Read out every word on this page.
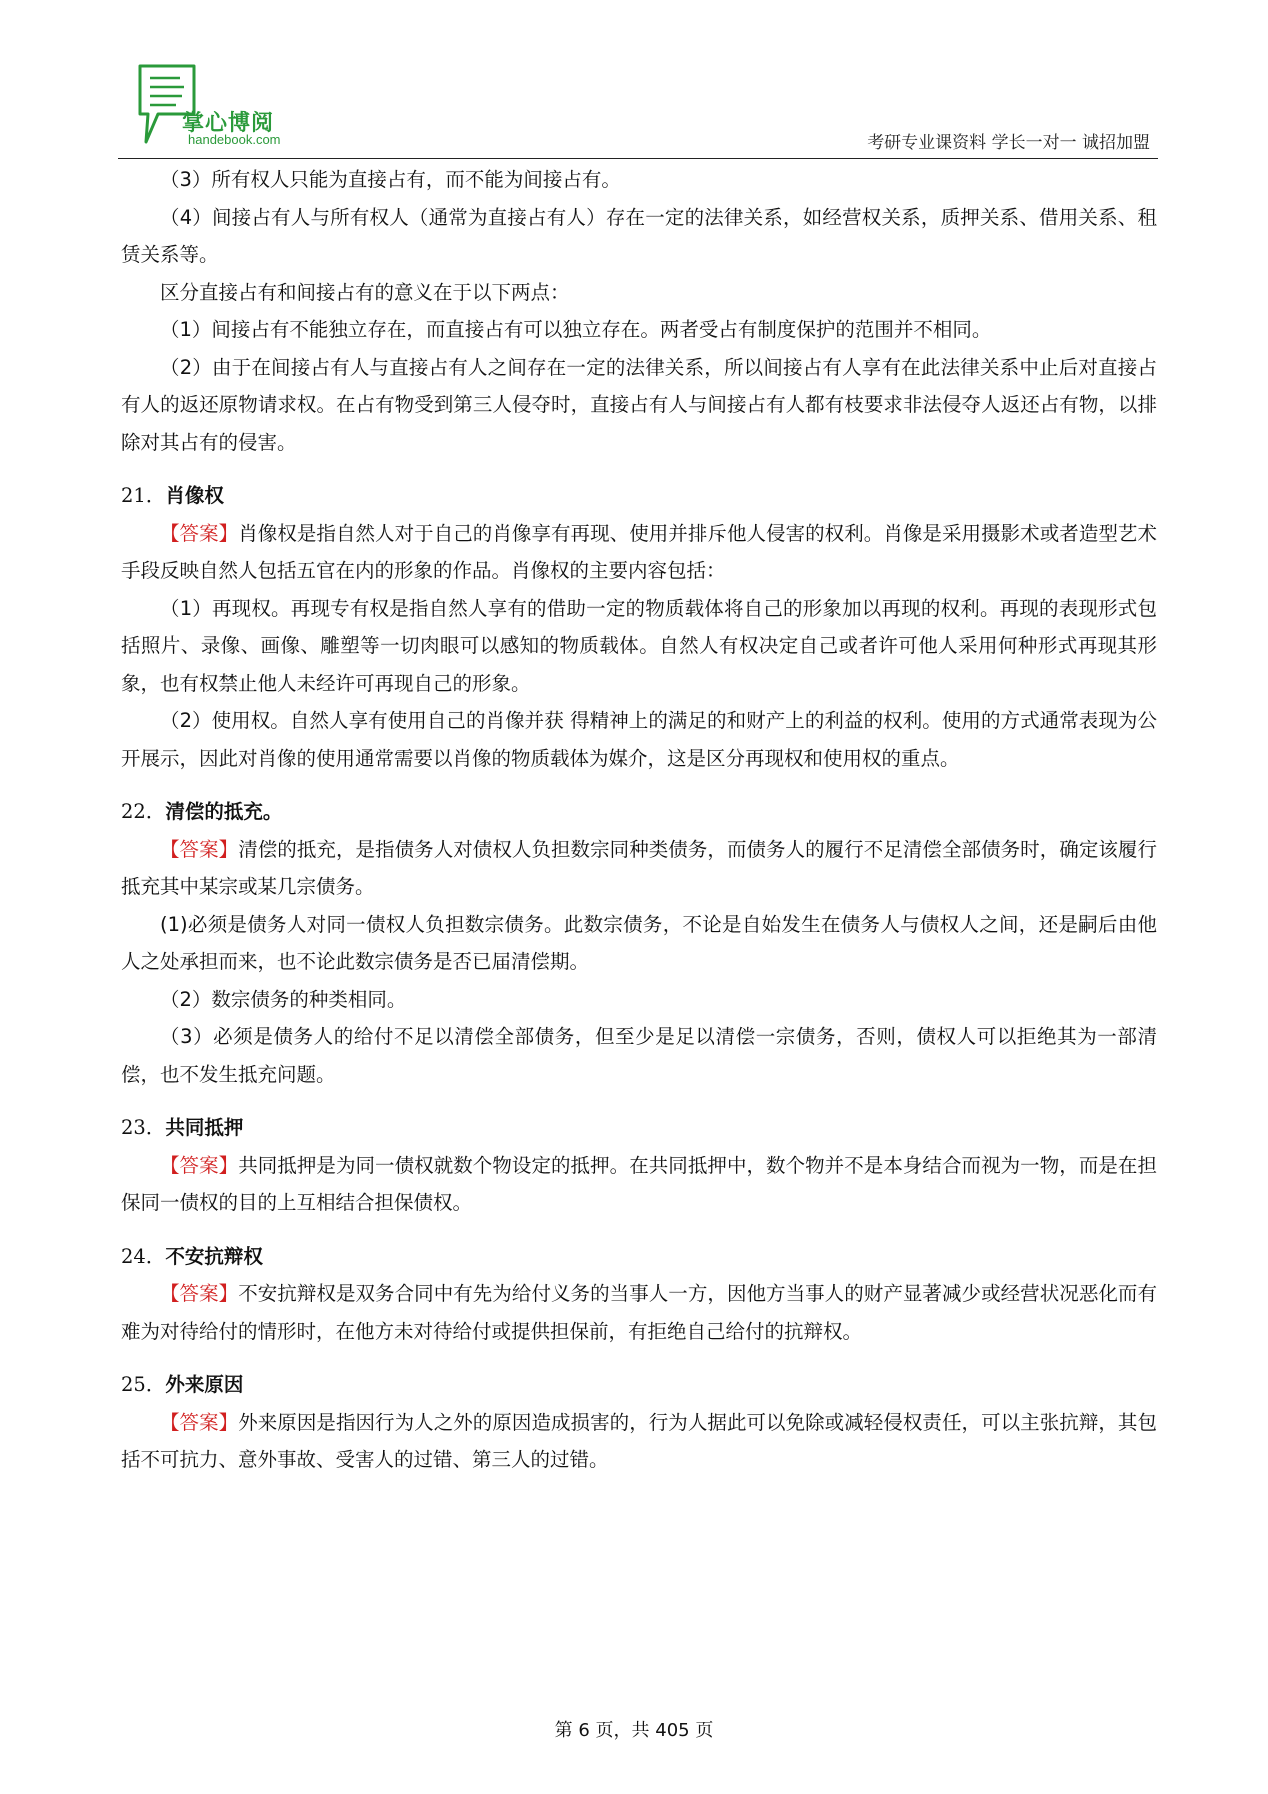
掌心博阅
handebook.com	考研专业课资料 学长一对一 诚招加盟

（3）所有权人只能为直接占有，而不能为间接占有。

（4）间接占有人与所有权人（通常为直接占有人）存在一定的法律关系，如经营权关系，质押关系、借用关系、租赁关系等。

区分直接占有和间接占有的意义在于以下两点：

（1）间接占有不能独立存在，而直接占有可以独立存在。两者受占有制度保护的范围并不相同。

（2）由于在间接占有人与直接占有人之间存在一定的法律关系，所以间接占有人享有在此法律关系中止后对直接占有人的返还原物请求权。在占有物受到第三人侵夺时，直接占有人与间接占有人都有枝要求非法侵夺人返还占有物，以排除对其占有的侵害。

21．肖像权

【答案】肖像权是指自然人对于自己的肖像享有再现、使用并排斥他人侵害的权利。肖像是采用摄影术或者造型艺术手段反映自然人包括五官在内的形象的作品。肖像权的主要内容包括：

（1）再现权。再现专有权是指自然人享有的借助一定的物质载体将自己的形象加以再现的权利。再现的表现形式包括照片、录像、画像、雕塑等一切肉眼可以感知的物质载体。自然人有权决定自己或者许可他人采用何种形式再现其形象，也有权禁止他人未经许可再现自己的形象。

（2）使用权。自然人享有使用自己的肖像并获 得精神上的满足的和财产上的利益的权利。使用的方式通常表现为公开展示，因此对肖像的使用通常需要以肖像的物质载体为媒介，这是区分再现权和使用权的重点。

22．清偿的抵充。

【答案】清偿的抵充，是指债务人对债权人负担数宗同种类债务，而债务人的履行不足清偿全部债务时，确定该履行抵充其中某宗或某几宗债务。

(1)必须是债务人对同一债权人负担数宗债务。此数宗债务，不论是自始发生在债务人与债权人之间，还是嗣后由他人之处承担而来，也不论此数宗债务是否已届清偿期。

（2）数宗债务的种类相同。

（3）必须是债务人的给付不足以清偿全部债务，但至少是足以清偿一宗债务，否则，债权人可以拒绝其为一部清偿，也不发生抵充问题。

23．共同抵押

【答案】共同抵押是为同一债权就数个物设定的抵押。在共同抵押中，数个物并不是本身结合而视为一物，而是在担保同一债权的目的上互相结合担保债权。

24．不安抗辩权

【答案】不安抗辩权是双务合同中有先为给付义务的当事人一方，因他方当事人的财产显著减少或经营状况恶化而有难为对待给付的情形时，在他方未对待给付或提供担保前，有拒绝自己给付的抗辩权。

25．外来原因

【答案】外来原因是指因行为人之外的原因造成损害的，行为人据此可以免除或减轻侵权责任，可以主张抗辩，其包括不可抗力、意外事故、受害人的过错、第三人的过错。

第 6 页，共 405 页
